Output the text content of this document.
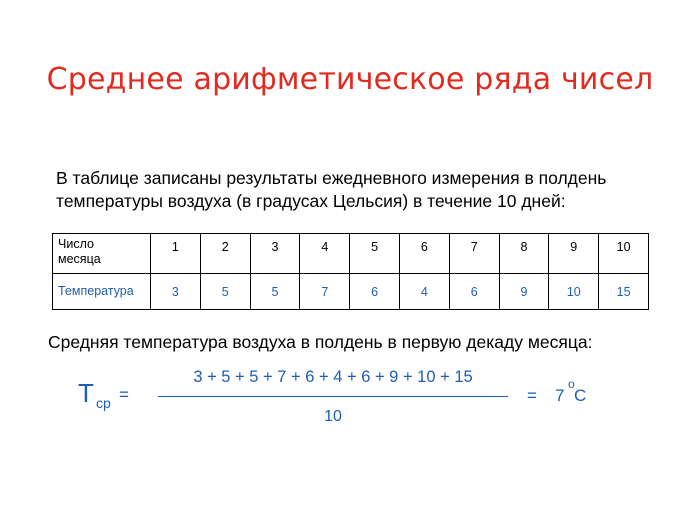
Среднее арифметическое ряда чисел
В таблице записаны результаты ежедневного измерения в полдень
температуры воздуха (в градусах Цельсия) в течение 10 дней:
Число
месяца	1	2	3	4	5	6	7	8	9	10
Температура	3	5	5	7	6	4	6	9	10	15
Средняя температура воздуха в полдень в первую декаду месяца:
Т ср =
3 + 5 + 5 + 7 + 6 + 4 + 6 + 9 + 10 + 15
10
= 7
о
С
